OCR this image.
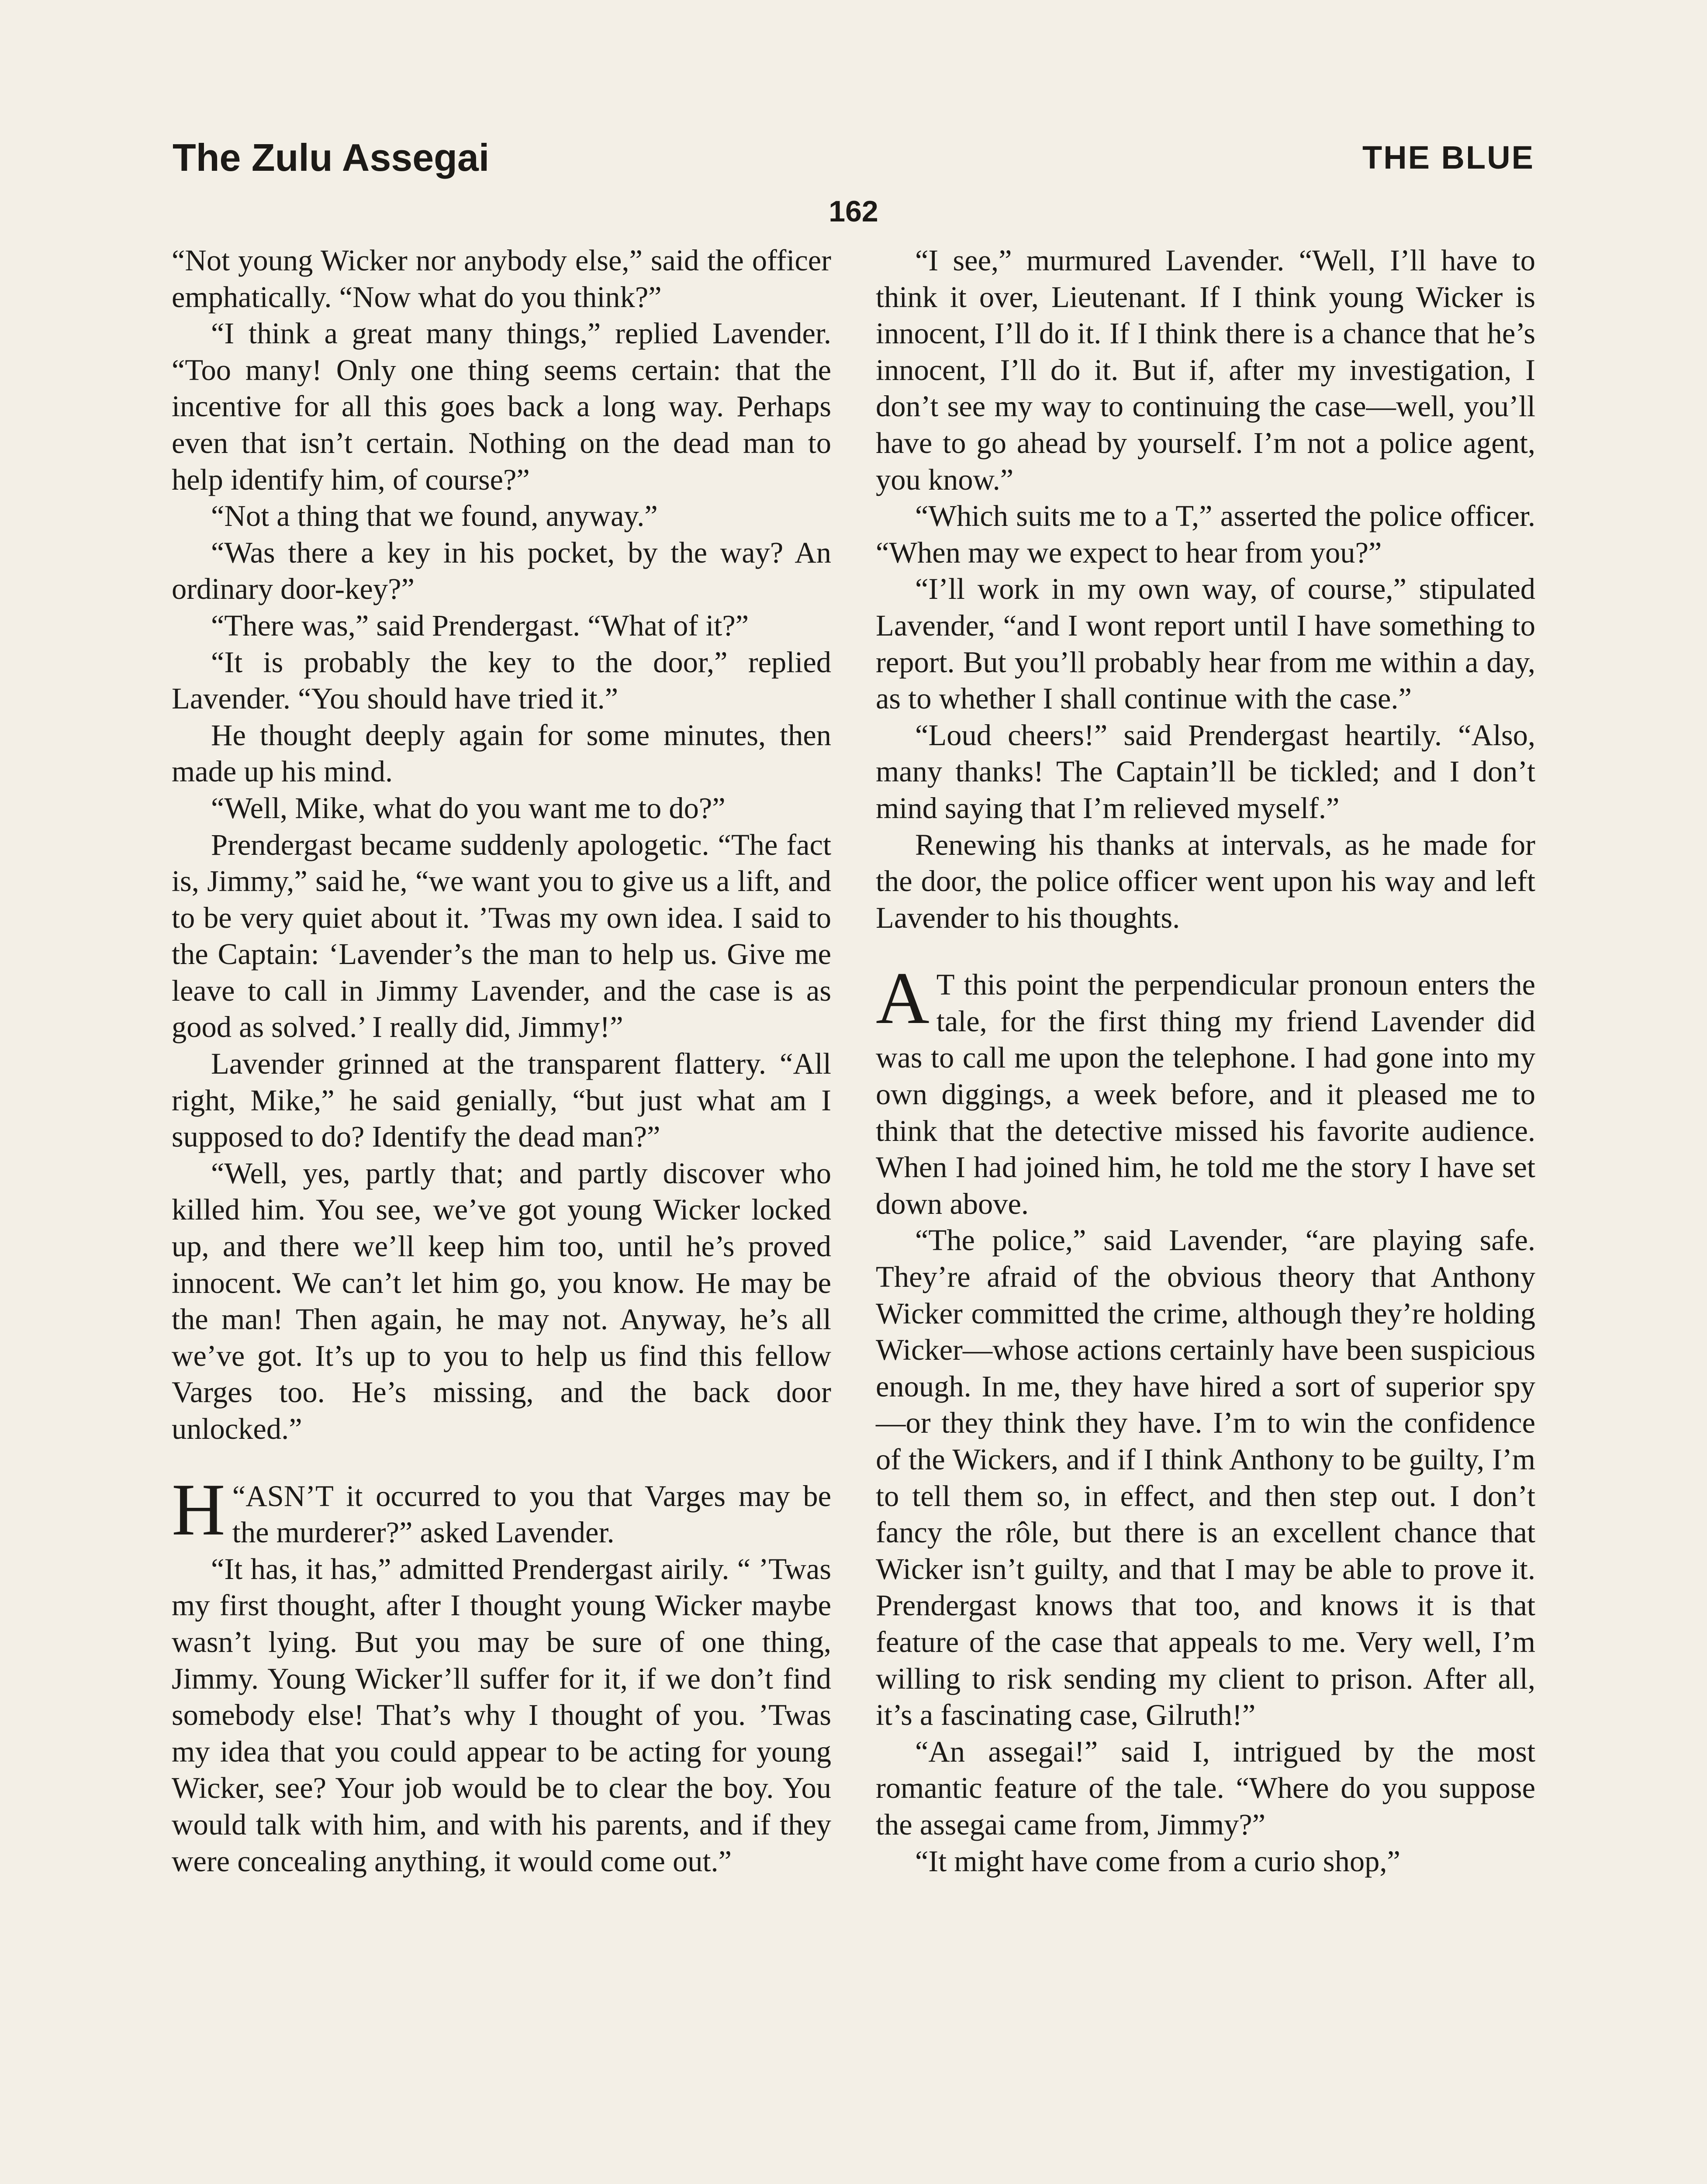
The Zulu Assegai	THE BLUE
162

“Not young Wicker nor anybody else,” said the officer emphatically. “Now what do you think?”

“I think a great many things,” replied Lavender. “Too many! Only one thing seems certain: that the incentive for all this goes back a long way. Perhaps even that isn’t certain. Nothing on the dead man to help identify him, of course?”

“Not a thing that we found, anyway.”

“Was there a key in his pocket, by the way? An ordinary door-key?”

“There was,” said Prendergast. “What of it?”

“It is probably the key to the door,” replied Lavender. “You should have tried it.”

He thought deeply again for some minutes, then made up his mind.

“Well, Mike, what do you want me to do?”

Prendergast became suddenly apologetic. “The fact is, Jimmy,” said he, “we want you to give us a lift, and to be very quiet about it. ’Twas my own idea. I said to the Captain: ‘Lavender’s the man to help us. Give me leave to call in Jimmy Lavender, and the case is as good as solved.’ I really did, Jimmy!”

Lavender grinned at the transparent flattery. “All right, Mike,” he said genially, “but just what am I supposed to do? Identify the dead man?”

“Well, yes, partly that; and partly discover who killed him. You see, we’ve got young Wicker locked up, and there we’ll keep him too, until he’s proved innocent. We can’t let him go, you know. He may be the man! Then again, he may not. Anyway, he’s all we’ve got. It’s up to you to help us find this fellow Varges too. He’s missing, and the back door unlocked.”

“
H ASN’T it occurred to you that Varges may be the murderer?” asked Lavender.

“It has, it has,” admitted Prendergast airily. “ ’Twas my first thought, after I thought young Wicker maybe wasn’t lying. But you may be sure of one thing, Jimmy. Young Wicker’ll suffer for it, if we don’t find somebody else! That’s why I thought of you. ’Twas my idea that you could appear to be acting for young Wicker, see? Your job would be to clear the boy. You would talk with him, and with his parents, and if they were concealing anything, it would come out.”

“I see,” murmured Lavender. “Well, I’ll have to think it over, Lieutenant. If I think young Wicker is innocent, I’ll do it. If I think there is a chance that he’s innocent, I’ll do it. But if, after my investigation, I don’t see my way to continuing the case—well, you’ll have to go ahead by yourself. I’m not a police agent, you know.”

“Which suits me to a T,” asserted the police officer. “When may we expect to hear from you?”

“I’ll work in my own way, of course,” stipulated Lavender, “and I wont report until I have something to report. But you’ll probably hear from me within a day, as to whether I shall continue with the case.”

“Loud cheers!” said Prendergast heartily. “Also, many thanks! The Captain’ll be tickled; and I don’t mind saying that I’m relieved myself.”

Renewing his thanks at intervals, as he made for the door, the police officer went upon his way and left Lavender to his thoughts.

A T this point the perpendicular pronoun enters the tale, for the first thing my friend Lavender did was to call me upon the telephone. I had gone into my own diggings, a week before, and it pleased me to think that the detective missed his favorite audience. When I had joined him, he told me the story I have set down above.

“The police,” said Lavender, “are playing safe. They’re afraid of the obvious theory that Anthony Wicker committed the crime, although they’re holding Wicker—whose actions certainly have been suspicious enough. In me, they have hired a sort of superior spy—or they think they have. I’m to win the confidence of the Wickers, and if I think Anthony to be guilty, I’m to tell them so, in effect, and then step out. I don’t fancy the rôle, but there is an excellent chance that Wicker isn’t guilty, and that I may be able to prove it. Prendergast knows that too, and knows it is that feature of the case that appeals to me. Very well, I’m willing to risk sending my client to prison. After all, it’s a fascinating case, Gilruth!”

“An assegai!” said I, intrigued by the most romantic feature of the tale. “Where do you suppose the assegai came from, Jimmy?”

“It might have come from a curio shop,”
